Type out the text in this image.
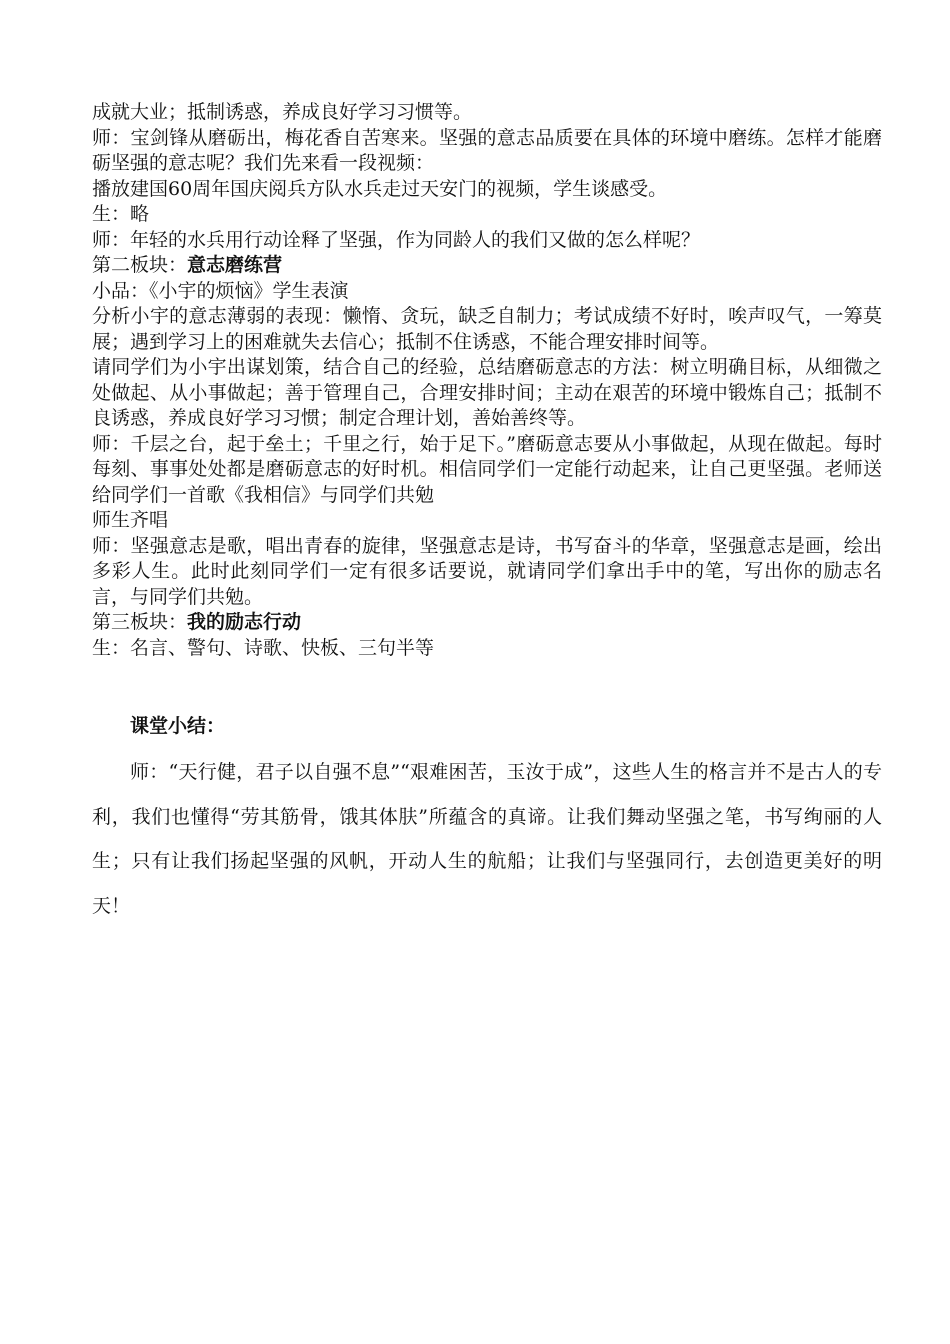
成就大业；抵制诱惑，养成良好学习习惯等。

师：宝剑锋从磨砺出，梅花香自苦寒来。坚强的意志品质要在具体的环境中磨练。怎样才能磨砺坚强的意志呢？我们先来看一段视频：

播放建国60周年国庆阅兵方队水兵走过天安门的视频，学生谈感受。

生：略

师：年轻的水兵用行动诠释了坚强，作为同龄人的我们又做的怎么样呢？

第二板块：意志磨练营

小品：《小宇的烦恼》学生表演

分析小宇的意志薄弱的表现：懒惰、贪玩，缺乏自制力；考试成绩不好时，唉声叹气，一筹莫展；遇到学习上的困难就失去信心；抵制不住诱惑，不能合理安排时间等。

请同学们为小宇出谋划策，结合自己的经验，总结磨砺意志的方法：树立明确目标，从细微之处做起、从小事做起；善于管理自己，合理安排时间；主动在艰苦的环境中锻炼自己；抵制不良诱惑，养成良好学习习惯；制定合理计划，善始善终等。

师：千层之台，起于垒土；千里之行，始于足下。”磨砺意志要从小事做起，从现在做起。每时每刻、事事处处都是磨砺意志的好时机。相信同学们一定能行动起来，让自己更坚强。老师送给同学们一首歌《我相信》与同学们共勉

师生齐唱

师：坚强意志是歌，唱出青春的旋律，坚强意志是诗，书写奋斗的华章，坚强意志是画，绘出多彩人生。此时此刻同学们一定有很多话要说，就请同学们拿出手中的笔，写出你的励志名言，与同学们共勉。

第三板块：我的励志行动

生：名言、警句、诗歌、快板、三句半等

课堂小结：

师：“天行健，君子以自强不息”“艰难困苦，玉汝于成”，这些人生的格言并不是古人的专利，我们也懂得“劳其筋骨，饿其体肤”所蕴含的真谛。让我们舞动坚强之笔，书写绚丽的人生；只有让我们扬起坚强的风帆，开动人生的航船；让我们与坚强同行，去创造更美好的明天！
